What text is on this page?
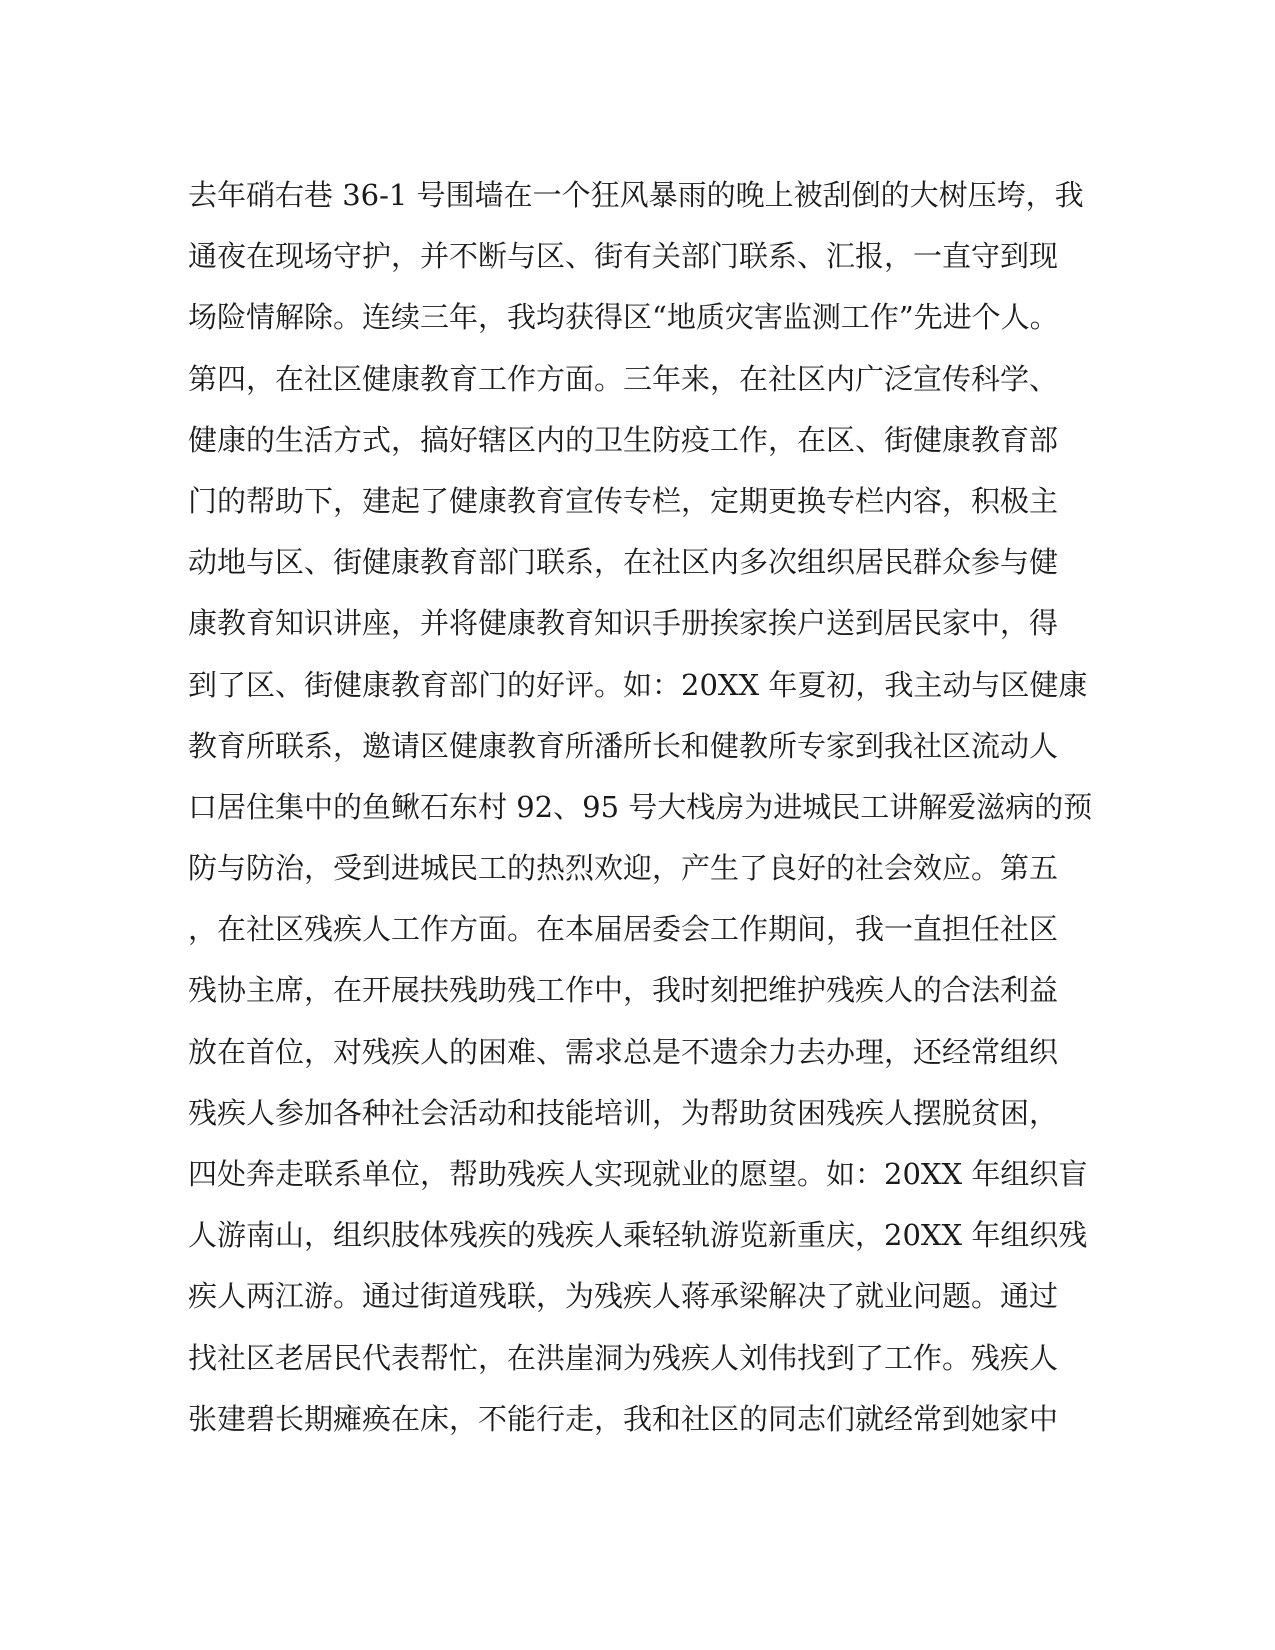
去年硝右巷 36-1 号围墙在一个狂风暴雨的晚上被刮倒的大树压垮，我
通夜在现场守护，并不断与区、街有关部门联系、汇报，一直守到现
场险情解除。连续三年，我均获得区“地质灾害监测工作”先进个人。
第四，在社区健康教育工作方面。三年来，在社区内广泛宣传科学、
健康的生活方式，搞好辖区内的卫生防疫工作，在区、街健康教育部
门的帮助下，建起了健康教育宣传专栏，定期更换专栏内容，积极主
动地与区、街健康教育部门联系，在社区内多次组织居民群众参与健
康教育知识讲座，并将健康教育知识手册挨家挨户送到居民家中，得
到了区、街健康教育部门的好评。如：20XX 年夏初，我主动与区健康
教育所联系，邀请区健康教育所潘所长和健教所专家到我社区流动人
口居住集中的鱼鳅石东村 92、95 号大栈房为进城民工讲解爱滋病的预
防与防治，受到进城民工的热烈欢迎，产生了良好的社会效应。第五
，在社区残疾人工作方面。在本届居委会工作期间，我一直担任社区
残协主席，在开展扶残助残工作中，我时刻把维护残疾人的合法利益
放在首位，对残疾人的困难、需求总是不遗余力去办理，还经常组织
残疾人参加各种社会活动和技能培训，为帮助贫困残疾人摆脱贫困，
四处奔走联系单位，帮助残疾人实现就业的愿望。如：20XX 年组织盲
人游南山，组织肢体残疾的残疾人乘轻轨游览新重庆，20XX 年组织残
疾人两江游。通过街道残联，为残疾人蒋承梁解决了就业问题。通过
找社区老居民代表帮忙，在洪崖洞为残疾人刘伟找到了工作。残疾人
张建碧长期瘫痪在床，不能行走，我和社区的同志们就经常到她家中
